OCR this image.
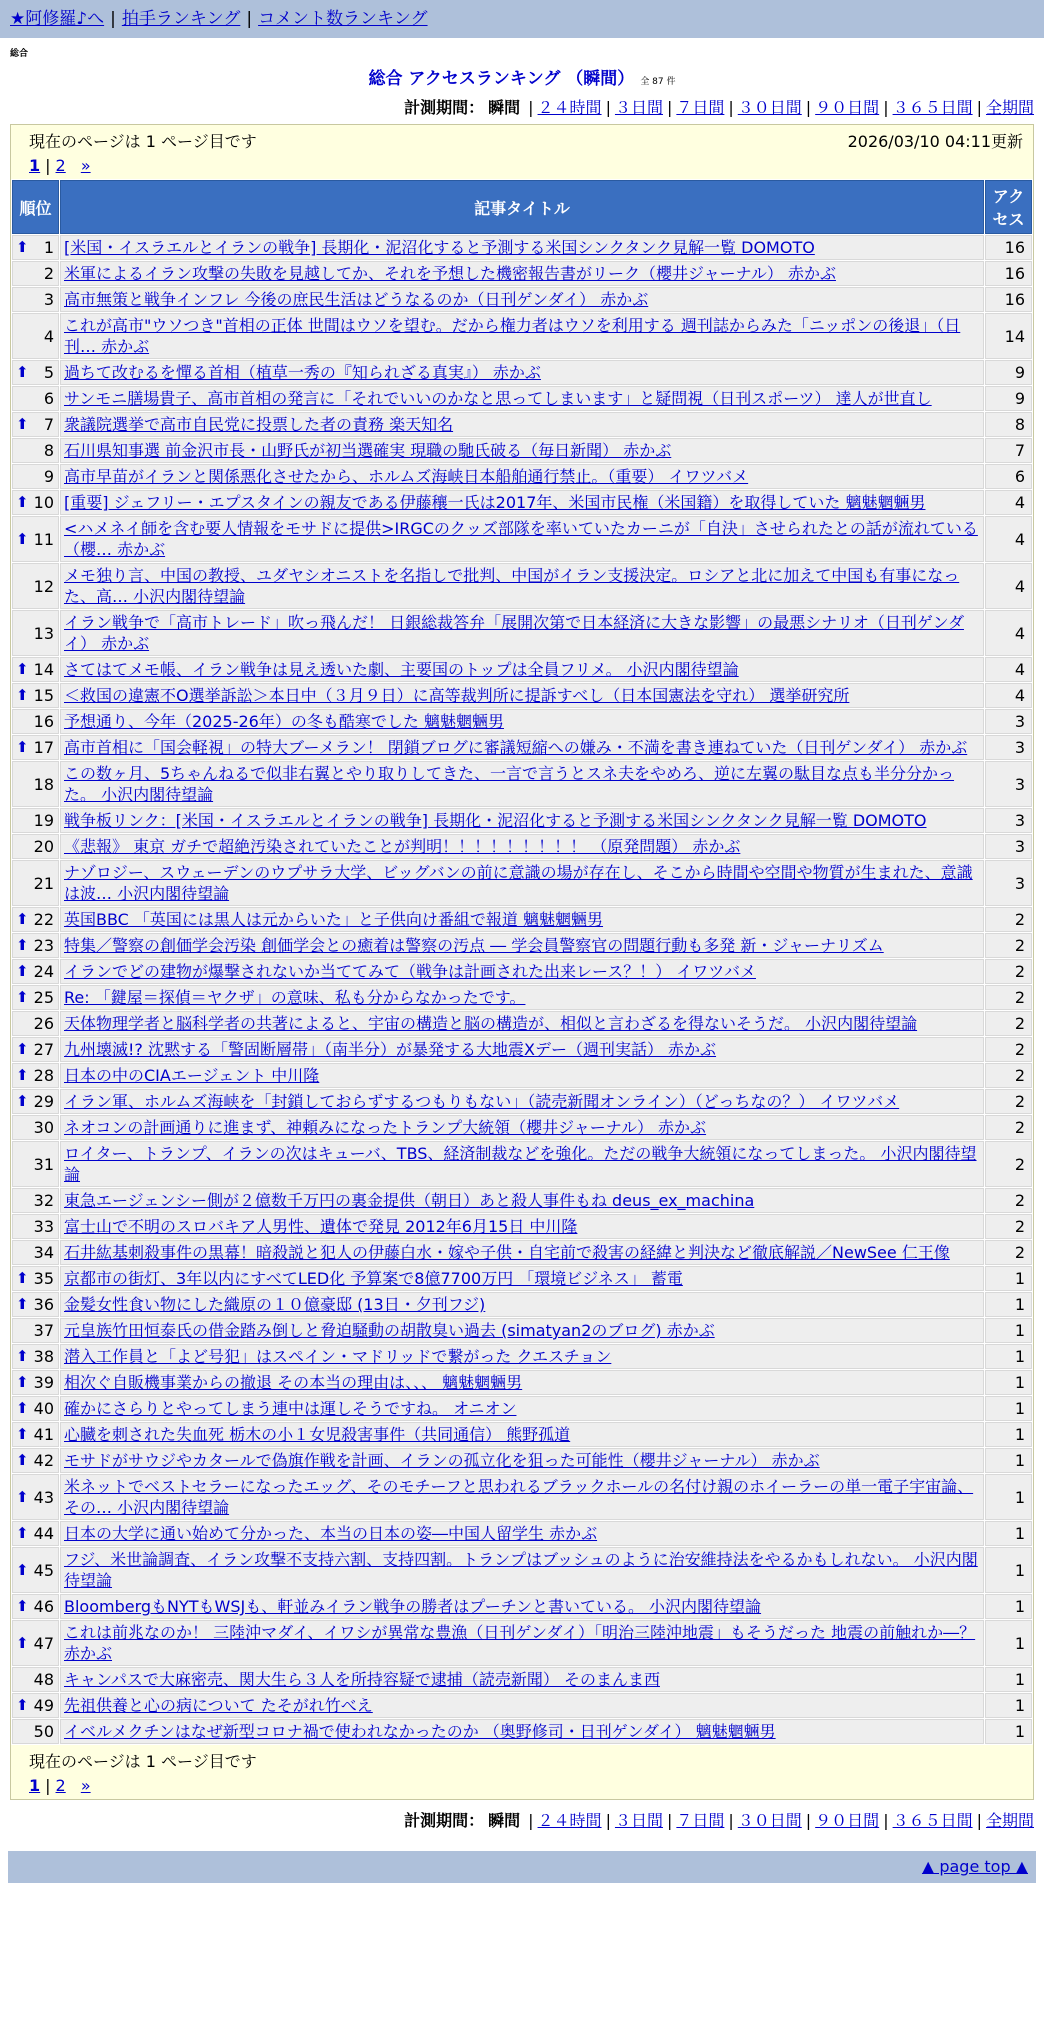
★阿修羅♪へ | 拍手ランキング | コメント数ランキング
総合
総合 アクセスランキング （瞬間） 全 87 件
計測期間： 瞬間 | ２４時間 | ３日間 | ７日間 | ３０日間 | ９０日間 | ３６５日間 | 全期間
現在のページは 1 ページ目です	2026/03/10 04:11更新
1 | 2 »
順位	記事タイトル	アクセス

⬆ 1	[米国・イスラエルとイランの戦争] 長期化・泥沼化すると予測する米国シンクタンク見解一覧 DOMOTO	16
2	米軍によるイラン攻撃の失敗を見越してか、それを予想した機密報告書がリーク（櫻井ジャーナル） 赤かぶ	16
3	高市無策と戦争インフレ 今後の庶民生活はどうなるのか（日刊ゲンダイ） 赤かぶ	16
4	これが高市"ウソつき"首相の正体 世間はウソを望む。だから権力者はウソを利用する 週刊誌からみた「ニッポンの後退」（日刊… 赤かぶ	14

⬆ 5	過ちて改むるを憚る首相（植草一秀の『知られざる真実』） 赤かぶ	9
6	サンモニ膳場貴子、高市首相の発言に「それでいいのかなと思ってしまいます」と疑問視（日刊スポーツ） 達人が世直し	9

⬆ 7	衆議院選挙で高市自民党に投票した者の責務 楽天知名	8
8	石川県知事選 前金沢市長・山野氏が初当選確実 現職の馳氏破る（毎日新聞） 赤かぶ	7
9	高市早苗がイランと関係悪化させたから、ホルムズ海峡日本船舶通行禁止。（重要） イワツバメ	6

⬆ 10	[重要] ジェフリー・エプスタインの親友である伊藤穰一氏は2017年、米国市民権（米国籍）を取得していた 魑魅魍魎男	4

⬆ 11	<ハメネイ師を含む要人情報をモサドに提供>IRGCのクッズ部隊を率いていたカーニが「自決」させられたとの話が流れている（櫻… 赤かぶ	4
12	メモ独り言、中国の教授、ユダヤシオニストを名指しで批判、中国がイラン支援決定。ロシアと北に加えて中国も有事になった、高… 小沢内閣待望論	4
13	イラン戦争で「高市トレード」吹っ飛んだ！ 日銀総裁答弁「展開次第で日本経済に大きな影響」の最悪シナリオ（日刊ゲンダイ） 赤かぶ	4

⬆ 14	さてはてメモ帳、イラン戦争は見え透いた劇、主要国のトップは全員フリメ。 小沢内閣待望論	4

⬆ 15	＜救国の違憲不O選挙訴訟＞本日中（３月９日）に高等裁判所に提訴すべし（日本国憲法を守れ） 選挙研究所	4
16	予想通り、今年（2025-26年）の冬も酷寒でした 魑魅魍魎男	3

⬆ 17	高市首相に「国会軽視」の特大ブーメラン！ 閉鎖ブログに審議短縮への嫌み・不満を書き連ねていた（日刊ゲンダイ） 赤かぶ	3
18	この数ヶ月、5ちゃんねるで似非右翼とやり取りしてきた、一言で言うとスネ夫をやめろ、逆に左翼の駄目な点も半分分かった。 小沢内閣待望論	3
19	戦争板リンク：[米国・イスラエルとイランの戦争] 長期化・泥沼化すると予測する米国シンクタンク見解一覧 DOMOTO	3
20	《悲報》 東京 ガチで超絶汚染されていたことが判明！！！！！！！！！ （原発問題） 赤かぶ	3
21	ナゾロジー、スウェーデンのウプサラ大学、ビッグバンの前に意識の場が存在し、そこから時間や空間や物質が生まれた、意識は波… 小沢内閣待望論	3

⬆ 22	英国BBC 「英国には黒人は元からいた」と子供向け番組で報道 魑魅魍魎男	2

⬆ 23	特集／警察の創価学会汚染 創価学会との癒着は警察の汚点 ― 学会員警察官の問題行動も多発 新・ジャーナリズム	2

⬆ 24	イランでどの建物が爆撃されないか当ててみて（戦争は計画された出来レース？！） イワツバメ	2

⬆ 25	Re: 「鍵屋＝探偵＝ヤクザ」の意味、私も分からなかったです。	2
26	天体物理学者と脳科学者の共著によると、宇宙の構造と脳の構造が、相似と言わざるを得ないそうだ。 小沢内閣待望論	2

⬆ 27	九州壊滅!? 沈黙する「警固断層帯」（南半分）が暴発する大地震Xデー（週刊実話） 赤かぶ	2

⬆ 28	日本の中のCIAエージェント 中川隆	2

⬆ 29	イラン軍、ホルムズ海峡を「封鎖しておらずするつもりもない」（読売新聞オンライン）（どっちなの？） イワツバメ	2
30	ネオコンの計画通りに進まず、神頼みになったトランプ大統領（櫻井ジャーナル） 赤かぶ	2
31	ロイター、トランプ、イランの次はキューバ、TBS、経済制裁などを強化。ただの戦争大統領になってしまった。 小沢内閣待望論	2
32	東急エージェンシー側が２億数千万円の裏金提供（朝日）あと殺人事件もね deus_ex_machina	2
33	富士山で不明のスロバキア人男性、遺体で発見 2012年6月15日 中川隆	2
34	石井紘基刺殺事件の黒幕！暗殺説と犯人の伊藤白水・嫁や子供・自宅前で殺害の経緯と判決など徹底解説／NewSee 仁王像	2

⬆ 35	京都市の街灯、3年以内にすべてLED化 予算案で8億7700万円 「環境ビジネス」 蓄電	1

⬆ 36	金髪女性食い物にした織原の１０億豪邸 (13日・夕刊フジ)	1
37	元皇族竹田恒泰氏の借金踏み倒しと脅迫騒動の胡散臭い過去 (simatyan2のブログ) 赤かぶ	1

⬆ 38	潜入工作員と「よど号犯」はスペイン・マドリッドで繋がった クエスチョン	1

⬆ 39	相次ぐ自販機事業からの撤退 その本当の理由は、、、 魑魅魍魎男	1

⬆ 40	確かにさらりとやってしまう連中は運しそうですね。 オニオン	1

⬆ 41	心臓を刺された失血死 栃木の小１女児殺害事件（共同通信） 熊野孤道	1

⬆ 42	モサドがサウジやカタールで偽旗作戦を計画、イランの孤立化を狙った可能性（櫻井ジャーナル） 赤かぶ	1

⬆ 43	米ネットでベストセラーになったエッグ、そのモチーフと思われるブラックホールの名付け親のホイーラーの単一電子宇宙論、その… 小沢内閣待望論	1

⬆ 44	日本の大学に通い始めて分かった、本当の日本の姿―中国人留学生 赤かぶ	1

⬆ 45	フジ、米世論調査、イラン攻撃不支持六割、支持四割。トランプはブッシュのように治安維持法をやるかもしれない。 小沢内閣待望論	1

⬆ 46	BloombergもNYTもWSJも、軒並みイラン戦争の勝者はプーチンと書いている。 小沢内閣待望論	1

⬆ 47	これは前兆なのか！ 三陸沖マダイ、イワシが異常な豊漁（日刊ゲンダイ）「明治三陸沖地震」もそうだった 地震の前触れか―？ 赤かぶ	1
48	キャンパスで大麻密売、関大生ら３人を所持容疑で逮捕（読売新聞） そのまんま西	1

⬆ 49	先祖供養と心の病について たそがれ竹べえ	1
50	イベルメクチンはなぜ新型コロナ禍で使われなかったのか （奥野修司・日刊ゲンダイ） 魑魅魍魎男	1
現在のページは 1 ページ目です
1 | 2 »
計測期間： 瞬間 | ２４時間 | ３日間 | ７日間 | ３０日間 | ９０日間 | ３６５日間 | 全期間
▲ page top ▲
